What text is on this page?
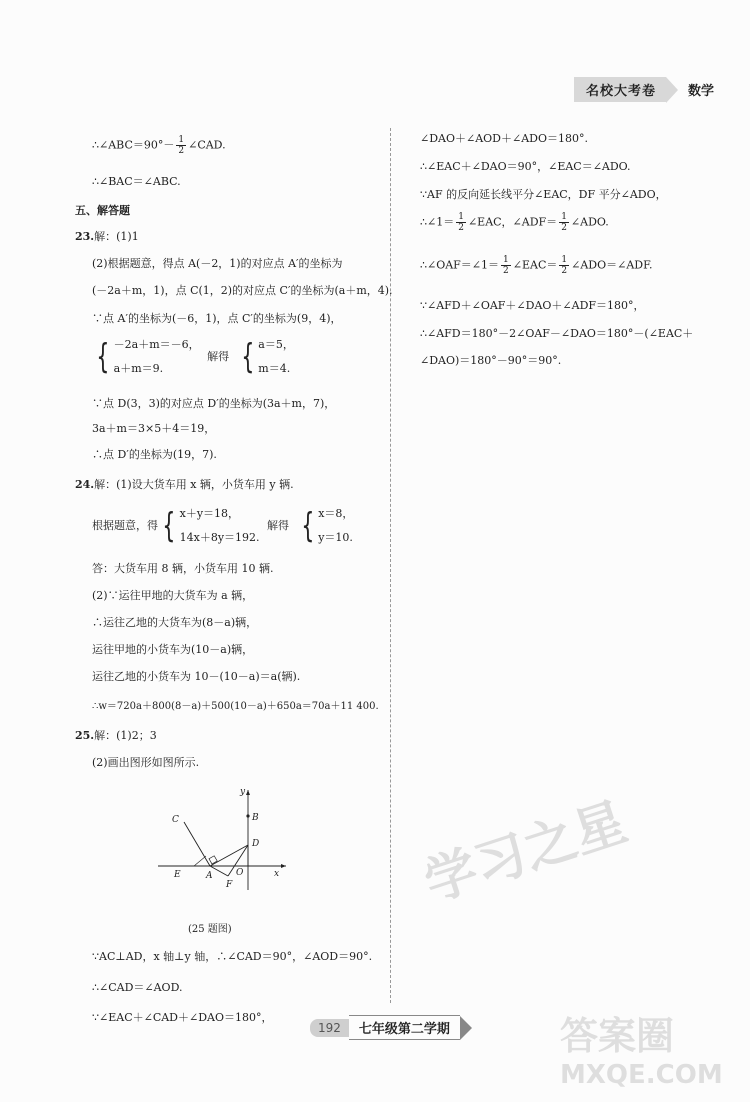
名校大考卷	数学
∴∠ABC＝90°－ $\frac{1}{2}$ ∠CAD.
∴∠BAC＝∠ABC.
五、解答题
23.解：(1)1
(2)根据题意，得点 A(－2，1)的对应点 A′的坐标为
(－2a＋m，1)，点 C(1，2)的对应点 C′的坐标为(a＋m，4).
∵点 A′的坐标为(－6，1)，点 C′的坐标为(9，4)，
{ －2a＋m＝－6，
a＋m＝9.
解得 { a＝5，
m＝4.
∵点 D(3，3)的对应点 D′的坐标为(3a＋m，7)，
3a＋m＝3×5＋4＝19，
∴点 D′的坐标为(19，7).
24.解：(1)设大货车用 x 辆，小货车用 y 辆.
根据题意，得 { x＋y＝18，
14x＋8y＝192.
解得 { x＝8，
y＝10.
答：大货车用 8 辆，小货车用 10 辆.
(2)∵运往甲地的大货车为 a 辆，
∴运往乙地的大货车为(8－a)辆，
运往甲地的小货车为(10－a)辆，
运往乙地的小货车为 10－(10－a)＝a(辆).
∴w＝720a＋800(8－a)＋500(10－a)＋650a＝70a＋11 400.
25.解：(1)2；3
(2)画出图形如图所示.
y
B
C
D
E	A	O
F
x
(25 题图)
∵AC⊥AD，x 轴⊥y 轴，∴∠CAD＝90°，∠AOD＝90°.
∴∠CAD＝∠AOD.
∵∠EAC＋∠CAD＋∠DAO＝180°，
∠DAO＋∠AOD＋∠ADO＝180°.
∴∠EAC＋∠DAO＝90°，∠EAC＝∠ADO.
∵AF 的反向延长线平分∠EAC，DF 平分∠ADO，
∴∠1＝ $\frac{1}{2}$ ∠EAC，∠ADF＝ $\frac{1}{2}$ ∠ADO.
∴∠OAF＝∠1＝ $\frac{1}{2}$ ∠EAC＝ $\frac{1}{2}$ ∠ADO＝∠ADF.
∵∠AFD＋∠OAF＋∠DAO＋∠ADF＝180°，
∴∠AFD＝180°－2∠OAF－∠DAO＝180°－(∠EAC＋
∠DAO)＝180°－90°＝90°.
学习之星
答案圈
MXQE.COM
192	七年级第二学期
